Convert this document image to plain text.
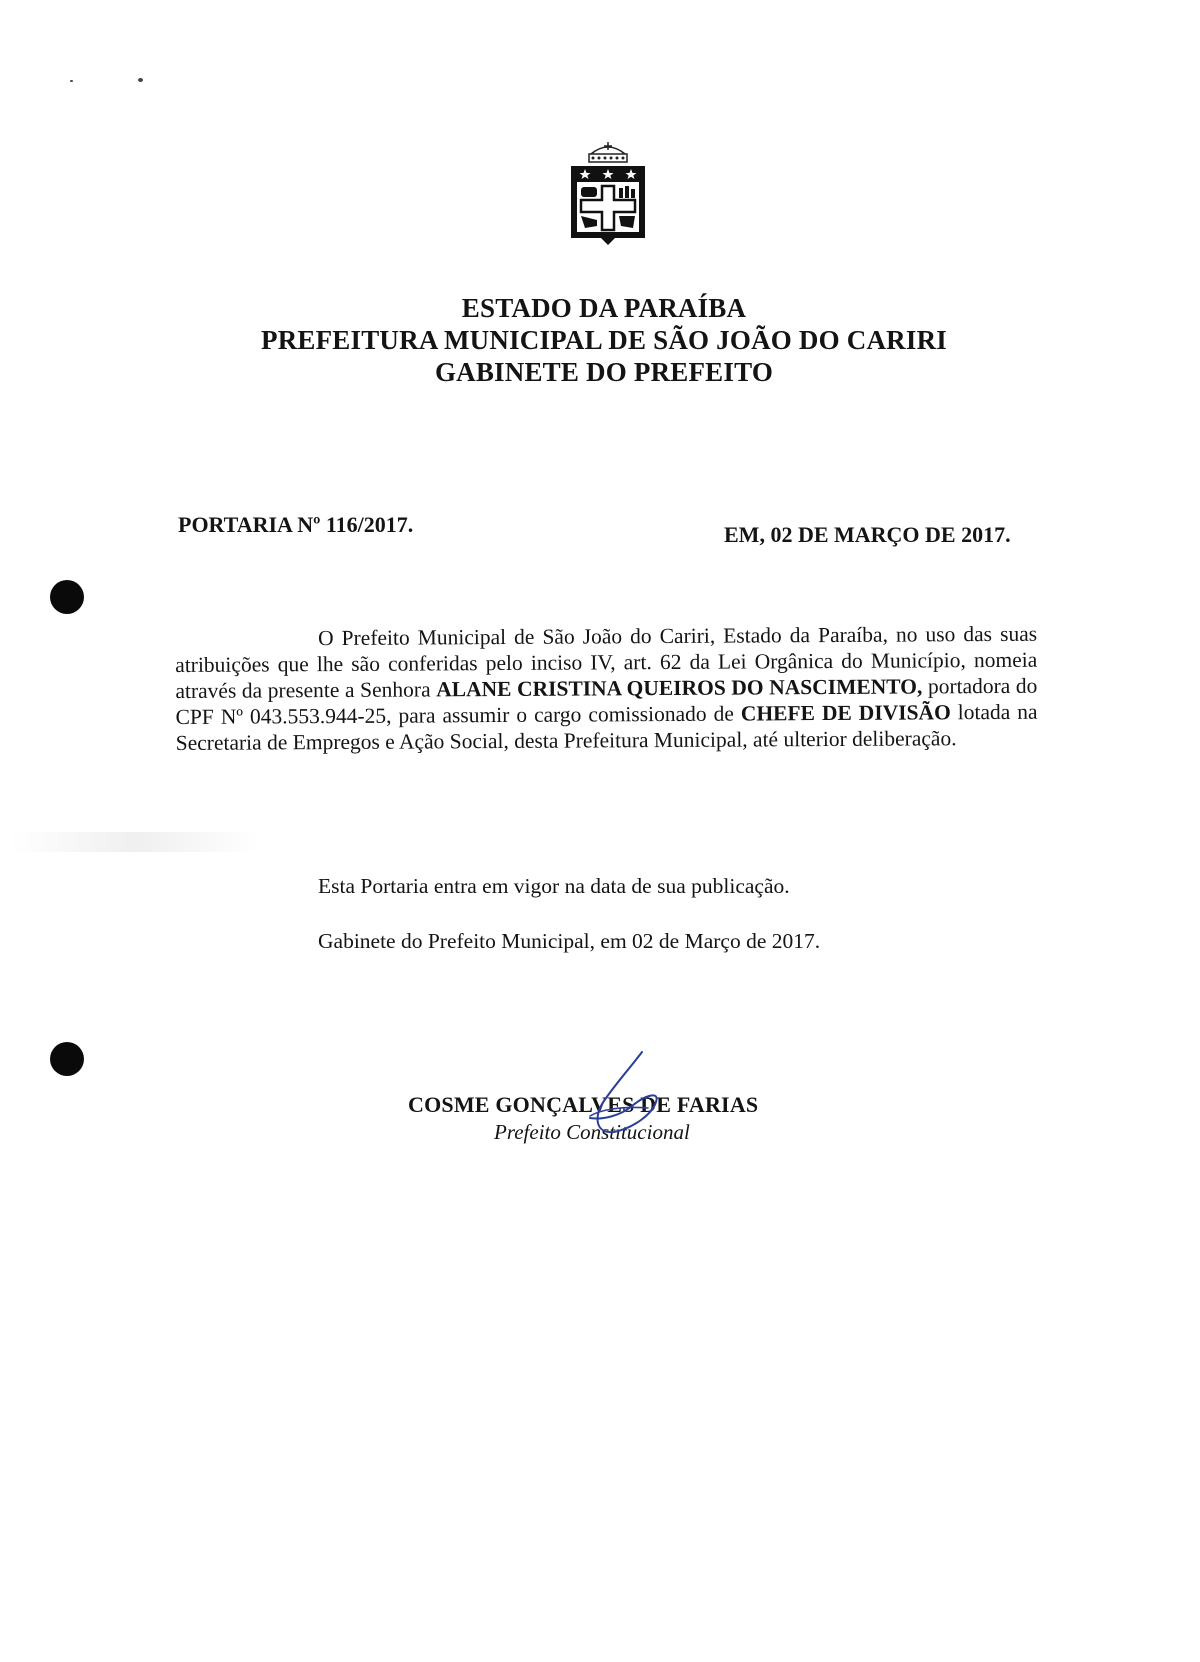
ESTADO DA PARAÍBA
PREFEITURA MUNICIPAL DE SÃO JOÃO DO CARIRI
GABINETE DO PREFEITO
PORTARIA Nº 116/2017.	EM, 02 DE MARÇO DE 2017.
O Prefeito Municipal de São João do Cariri, Estado da Paraíba, no uso das suas atribuições que lhe são conferidas pelo inciso IV, art. 62 da Lei Orgânica do Município, nomeia através da presente a Senhora ALANE CRISTINA QUEIROS DO NASCIMENTO, portadora do CPF Nº 043.553.944-25, para assumir o cargo comissionado de CHEFE DE DIVISÃO lotada na Secretaria de Empregos e Ação Social, desta Prefeitura Municipal, até ulterior deliberação.
Esta Portaria entra em vigor na data de sua publicação.
Gabinete do Prefeito Municipal, em 02 de Março de 2017.
COSME GONÇALVES DE FARIAS
Prefeito Constitucional
